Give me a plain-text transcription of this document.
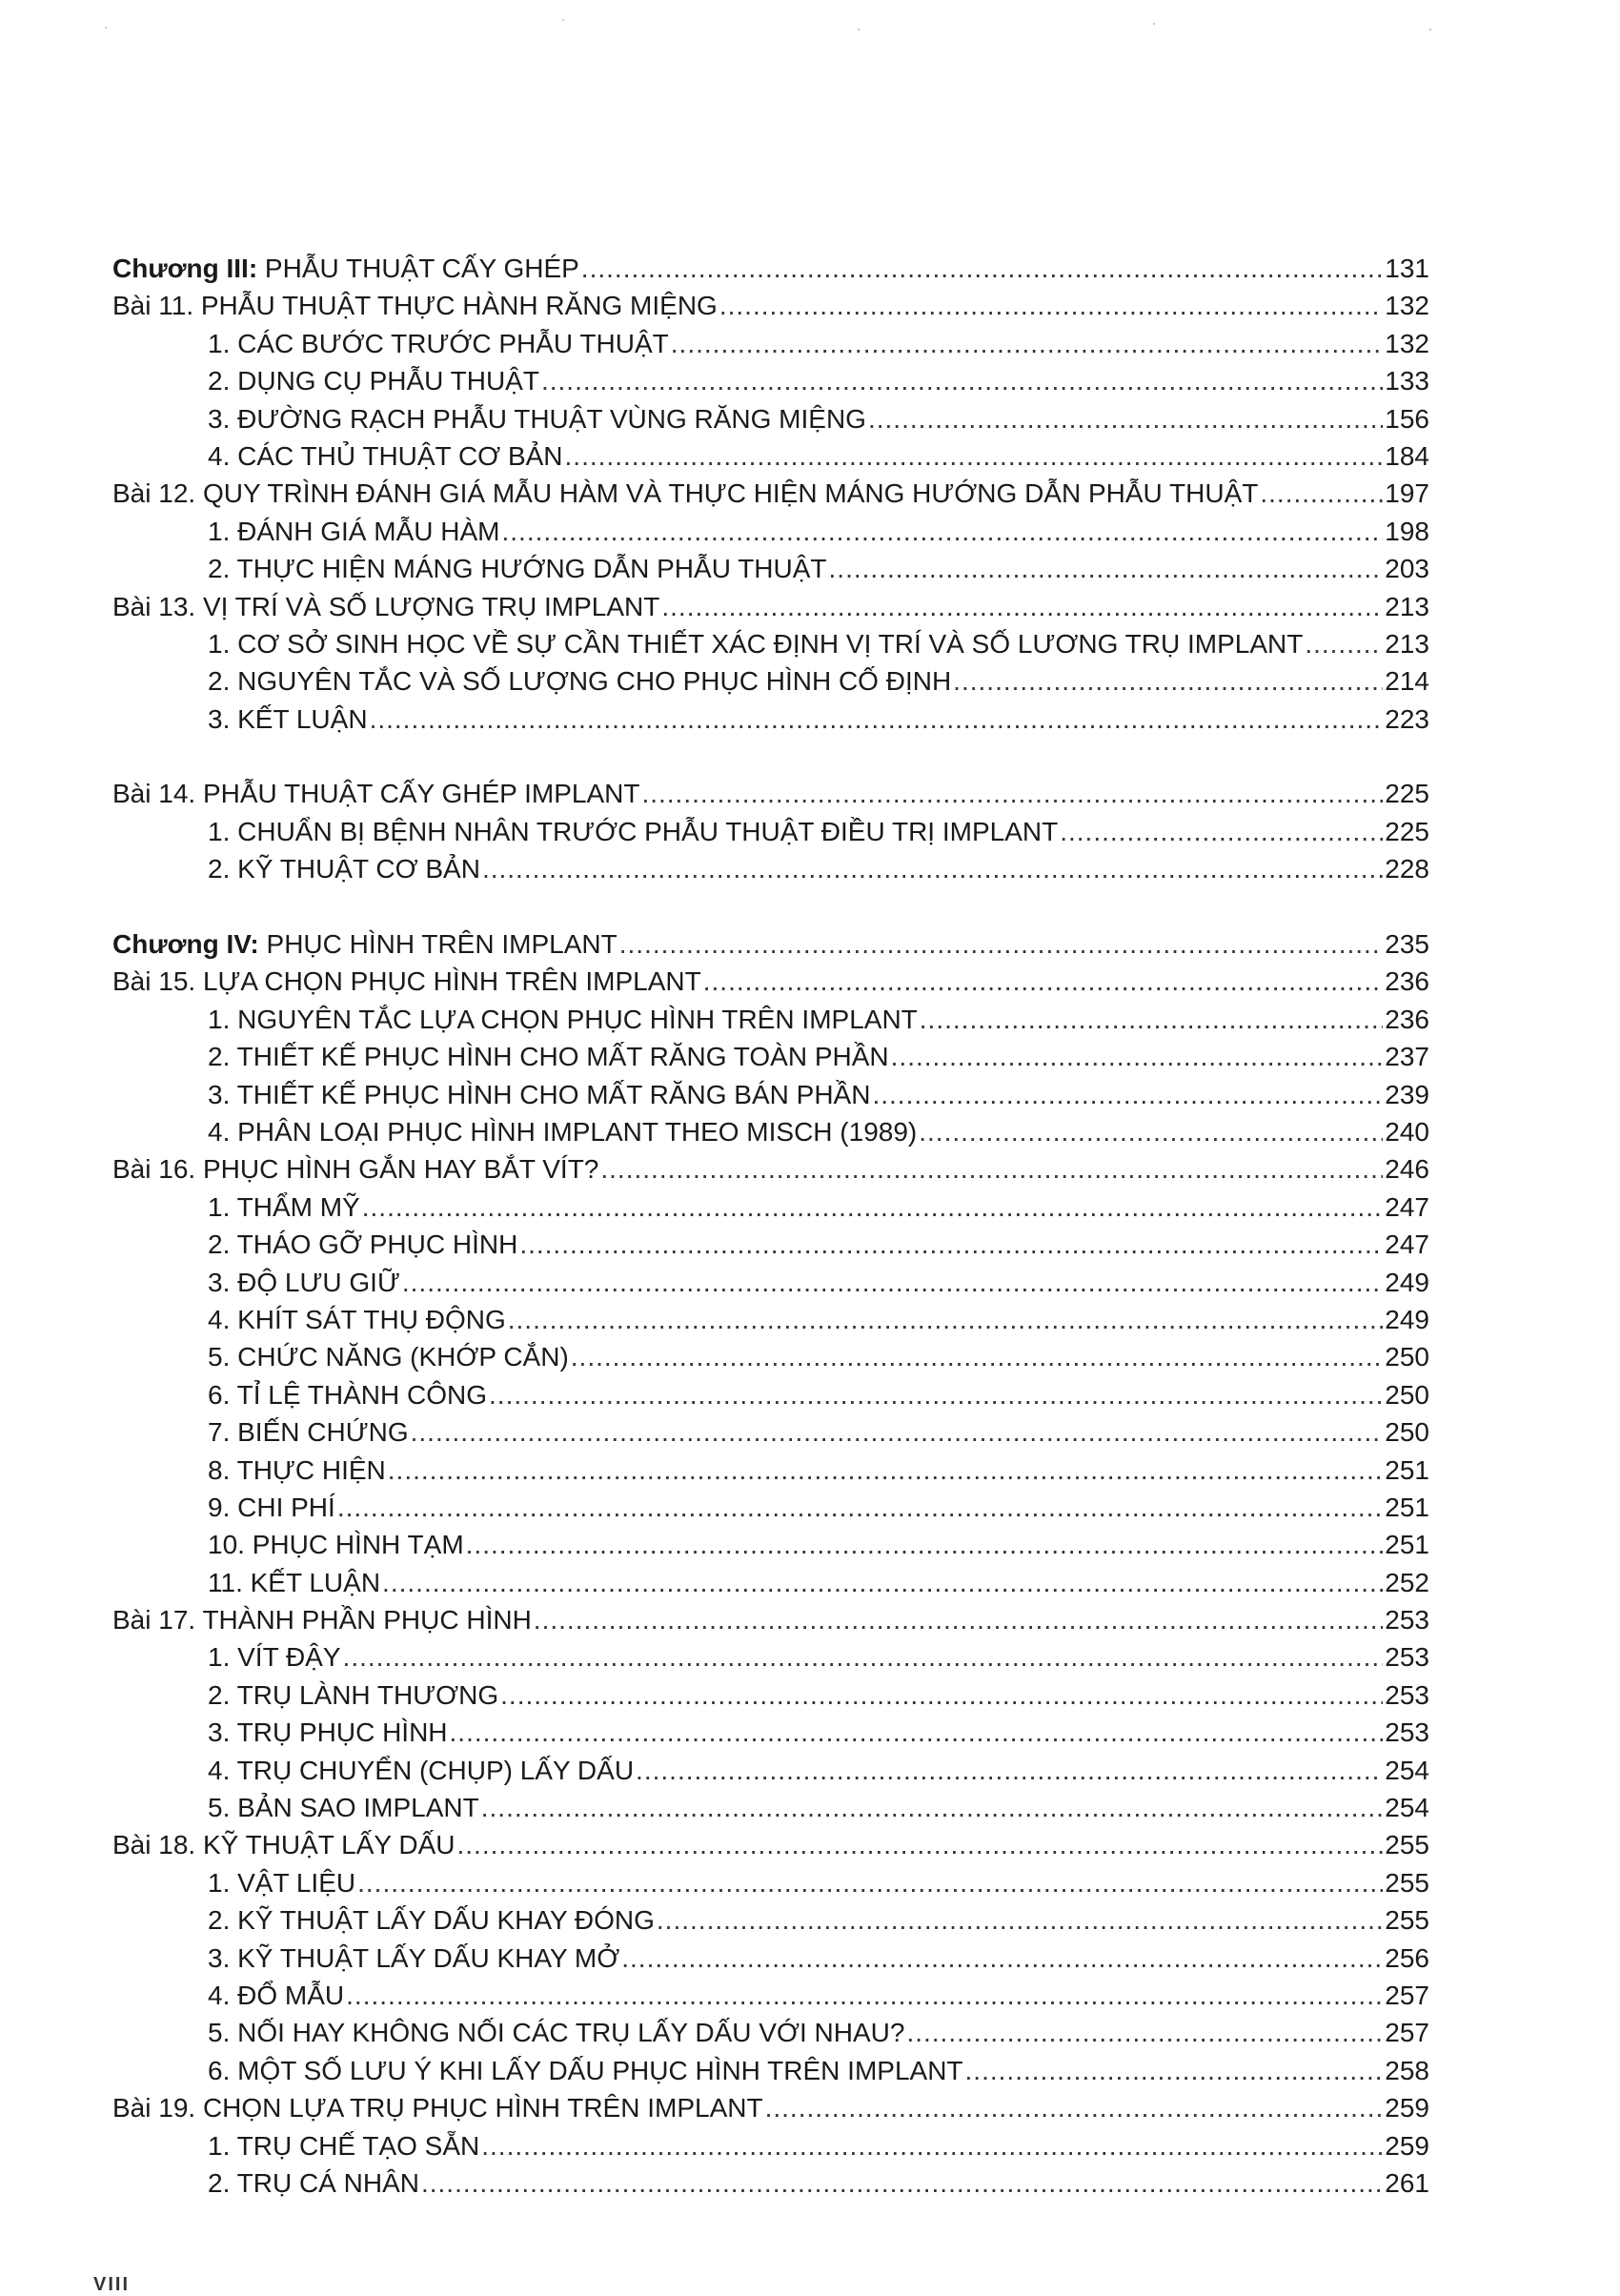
Chương III: PHẪU THUẬT CẤY GHÉP .....	131
Bài 11. PHẪU THUẬT THỰC HÀNH RĂNG MIỆNG .....	132
1. CÁC BƯỚC TRƯỚC PHẪU THUẬT .....	132
2. DỤNG CỤ PHẪU THUẬT .....	133
3. ĐƯỜNG RẠCH PHẪU THUẬT VÙNG RĂNG MIỆNG .....	156
4. CÁC THỦ THUẬT CƠ BẢN .....	184
Bài 12. QUY TRÌNH ĐÁNH GIÁ MẪU HÀM VÀ THỰC HIỆN MÁNG HƯỚNG DẪN PHẪU THUẬT .....	197
1. ĐÁNH GIÁ MẪU HÀM .....	198
2. THỰC HIỆN MÁNG HƯỚNG DẪN PHẪU THUẬT .....	203
Bài 13. VỊ TRÍ VÀ SỐ LƯỢNG TRỤ IMPLANT .....	213
1. CƠ SỞ SINH HỌC VỀ SỰ CẦN THIẾT XÁC ĐỊNH VỊ TRÍ VÀ SỐ LƯƠNG TRỤ IMPLANT .....	213
2. NGUYÊN TẮC VÀ SỐ LƯỢNG CHO PHỤC HÌNH CỐ ĐỊNH .....	214
3. KẾT LUẬN .....	223
Bài 14. PHẪU THUẬT CẤY GHÉP IMPLANT .....	225
1. CHUẨN BỊ BỆNH NHÂN TRƯỚC PHẪU THUẬT ĐIỀU TRỊ IMPLANT .....	225
2. KỸ THUẬT CƠ BẢN .....	228
Chương IV: PHỤC HÌNH TRÊN IMPLANT .....	235
Bài 15. LỰA CHỌN PHỤC HÌNH TRÊN IMPLANT .....	236
1. NGUYÊN TẮC LỰA CHỌN PHỤC HÌNH TRÊN IMPLANT .....	236
2. THIẾT KẾ PHỤC HÌNH CHO MẤT RĂNG TOÀN PHẦN .....	237
3. THIẾT KẾ PHỤC HÌNH CHO MẤT RĂNG BÁN PHẦN .....	239
4. PHÂN LOẠI PHỤC HÌNH IMPLANT THEO MISCH (1989) .....	240
Bài 16. PHỤC HÌNH GẮN HAY BẮT VÍT? .....	246
1. THẨM MỸ .....	247
2. THÁO GỠ PHỤC HÌNH .....	247
3. ĐỘ LƯU GIỮ .....	249
4. KHÍT SÁT THỤ ĐỘNG .....	249
5. CHỨC NĂNG (KHỚP CẮN) .....	250
6. TỈ LỆ THÀNH CÔNG .....	250
7. BIẾN CHỨNG .....	250
8. THỰC HIỆN .....	251
9. CHI PHÍ .....	251
10. PHỤC HÌNH TẠM .....	251
11. KẾT LUẬN .....	252
Bài 17. THÀNH PHẦN PHỤC HÌNH .....	253
1. VÍT ĐẬY .....	253
2. TRỤ LÀNH THƯƠNG .....	253
3. TRỤ PHỤC HÌNH .....	253
4. TRỤ CHUYỂN (CHỤP) LẤY DẤU .....	254
5. BẢN SAO IMPLANT .....	254
Bài 18. KỸ THUẬT LẤY DẤU .....	255
1. VẬT LIỆU .....	255
2. KỸ THUẬT LẤY DẤU KHAY ĐÓNG .....	255
3. KỸ THUẬT LẤY DẤU KHAY MỞ .....	256
4. ĐỔ MẪU .....	257
5. NỐI HAY KHÔNG NỐI CÁC TRỤ LẤY DẤU VỚI NHAU? .....	257
6. MỘT SỐ LƯU Ý KHI LẤY DẤU PHỤC HÌNH TRÊN IMPLANT .....	258
Bài 19. CHỌN LỰA TRỤ PHỤC HÌNH TRÊN IMPLANT .....	259
1. TRỤ CHẾ TẠO SẴN .....	259
2. TRỤ CÁ NHÂN .....	261
VIII
